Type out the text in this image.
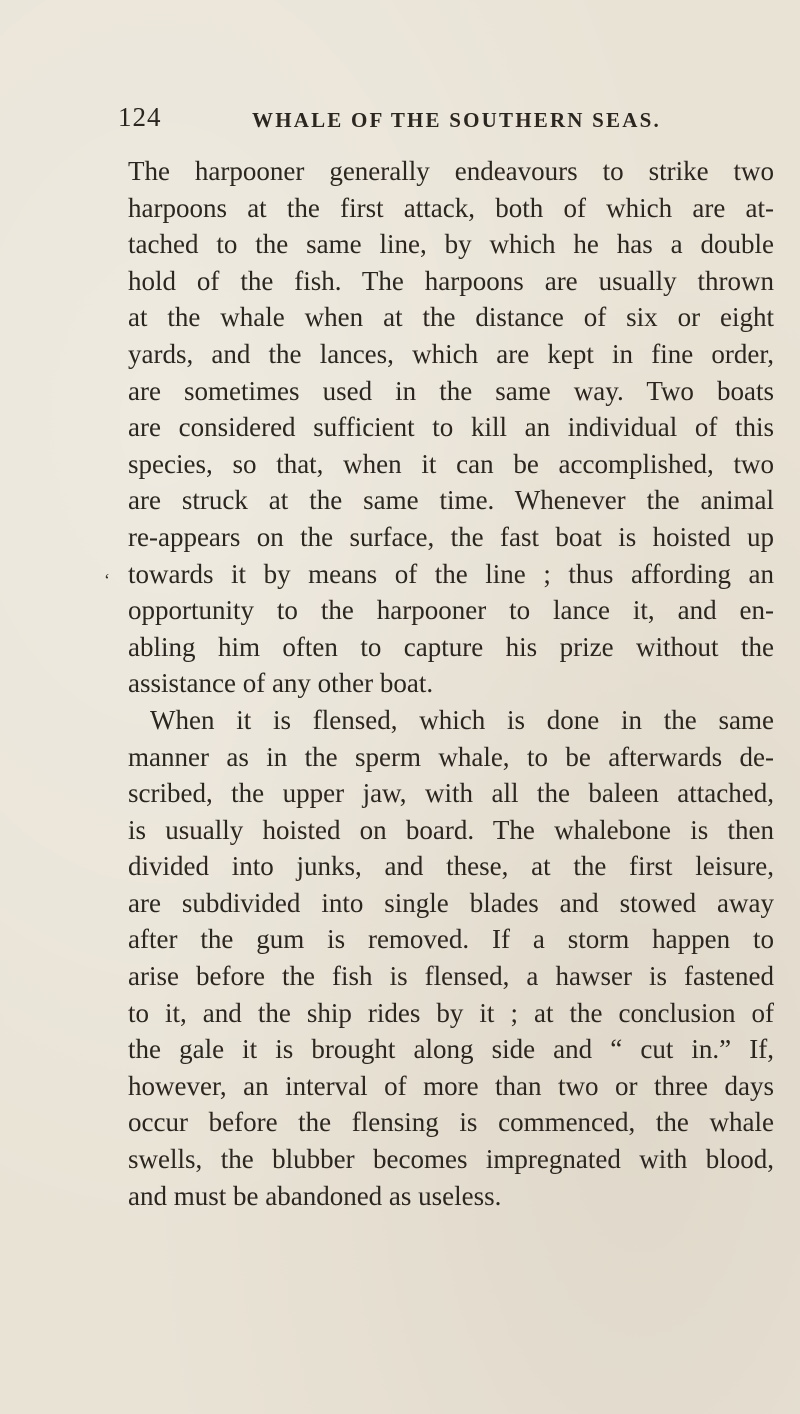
124	WHALE OF THE SOUTHERN SEAS.
‘
The harpooner generally endeavours to strike two
harpoons at the first attack, both of which are at-
tached to the same line, by which he has a double
hold of the fish. The harpoons are usually thrown
at the whale when at the distance of six or eight
yards, and the lances, which are kept in fine order,
are sometimes used in the same way. Two boats
are considered sufficient to kill an individual of this
species, so that, when it can be accomplished, two
are struck at the same time. Whenever the animal
re-appears on the surface, the fast boat is hoisted up
towards it by means of the line ; thus affording an
opportunity to the harpooner to lance it, and en-
abling him often to capture his prize without the
assistance of any other boat.
When it is flensed, which is done in the same
manner as in the sperm whale, to be afterwards de-
scribed, the upper jaw, with all the baleen attached,
is usually hoisted on board. The whalebone is then
divided into junks, and these, at the first leisure,
are subdivided into single blades and stowed away
after the gum is removed. If a storm happen to
arise before the fish is flensed, a hawser is fastened
to it, and the ship rides by it ; at the conclusion of
the gale it is brought along side and “ cut in.” If,
however, an interval of more than two or three days
occur before the flensing is commenced, the whale
swells, the blubber becomes impregnated with blood,
and must be abandoned as useless.
